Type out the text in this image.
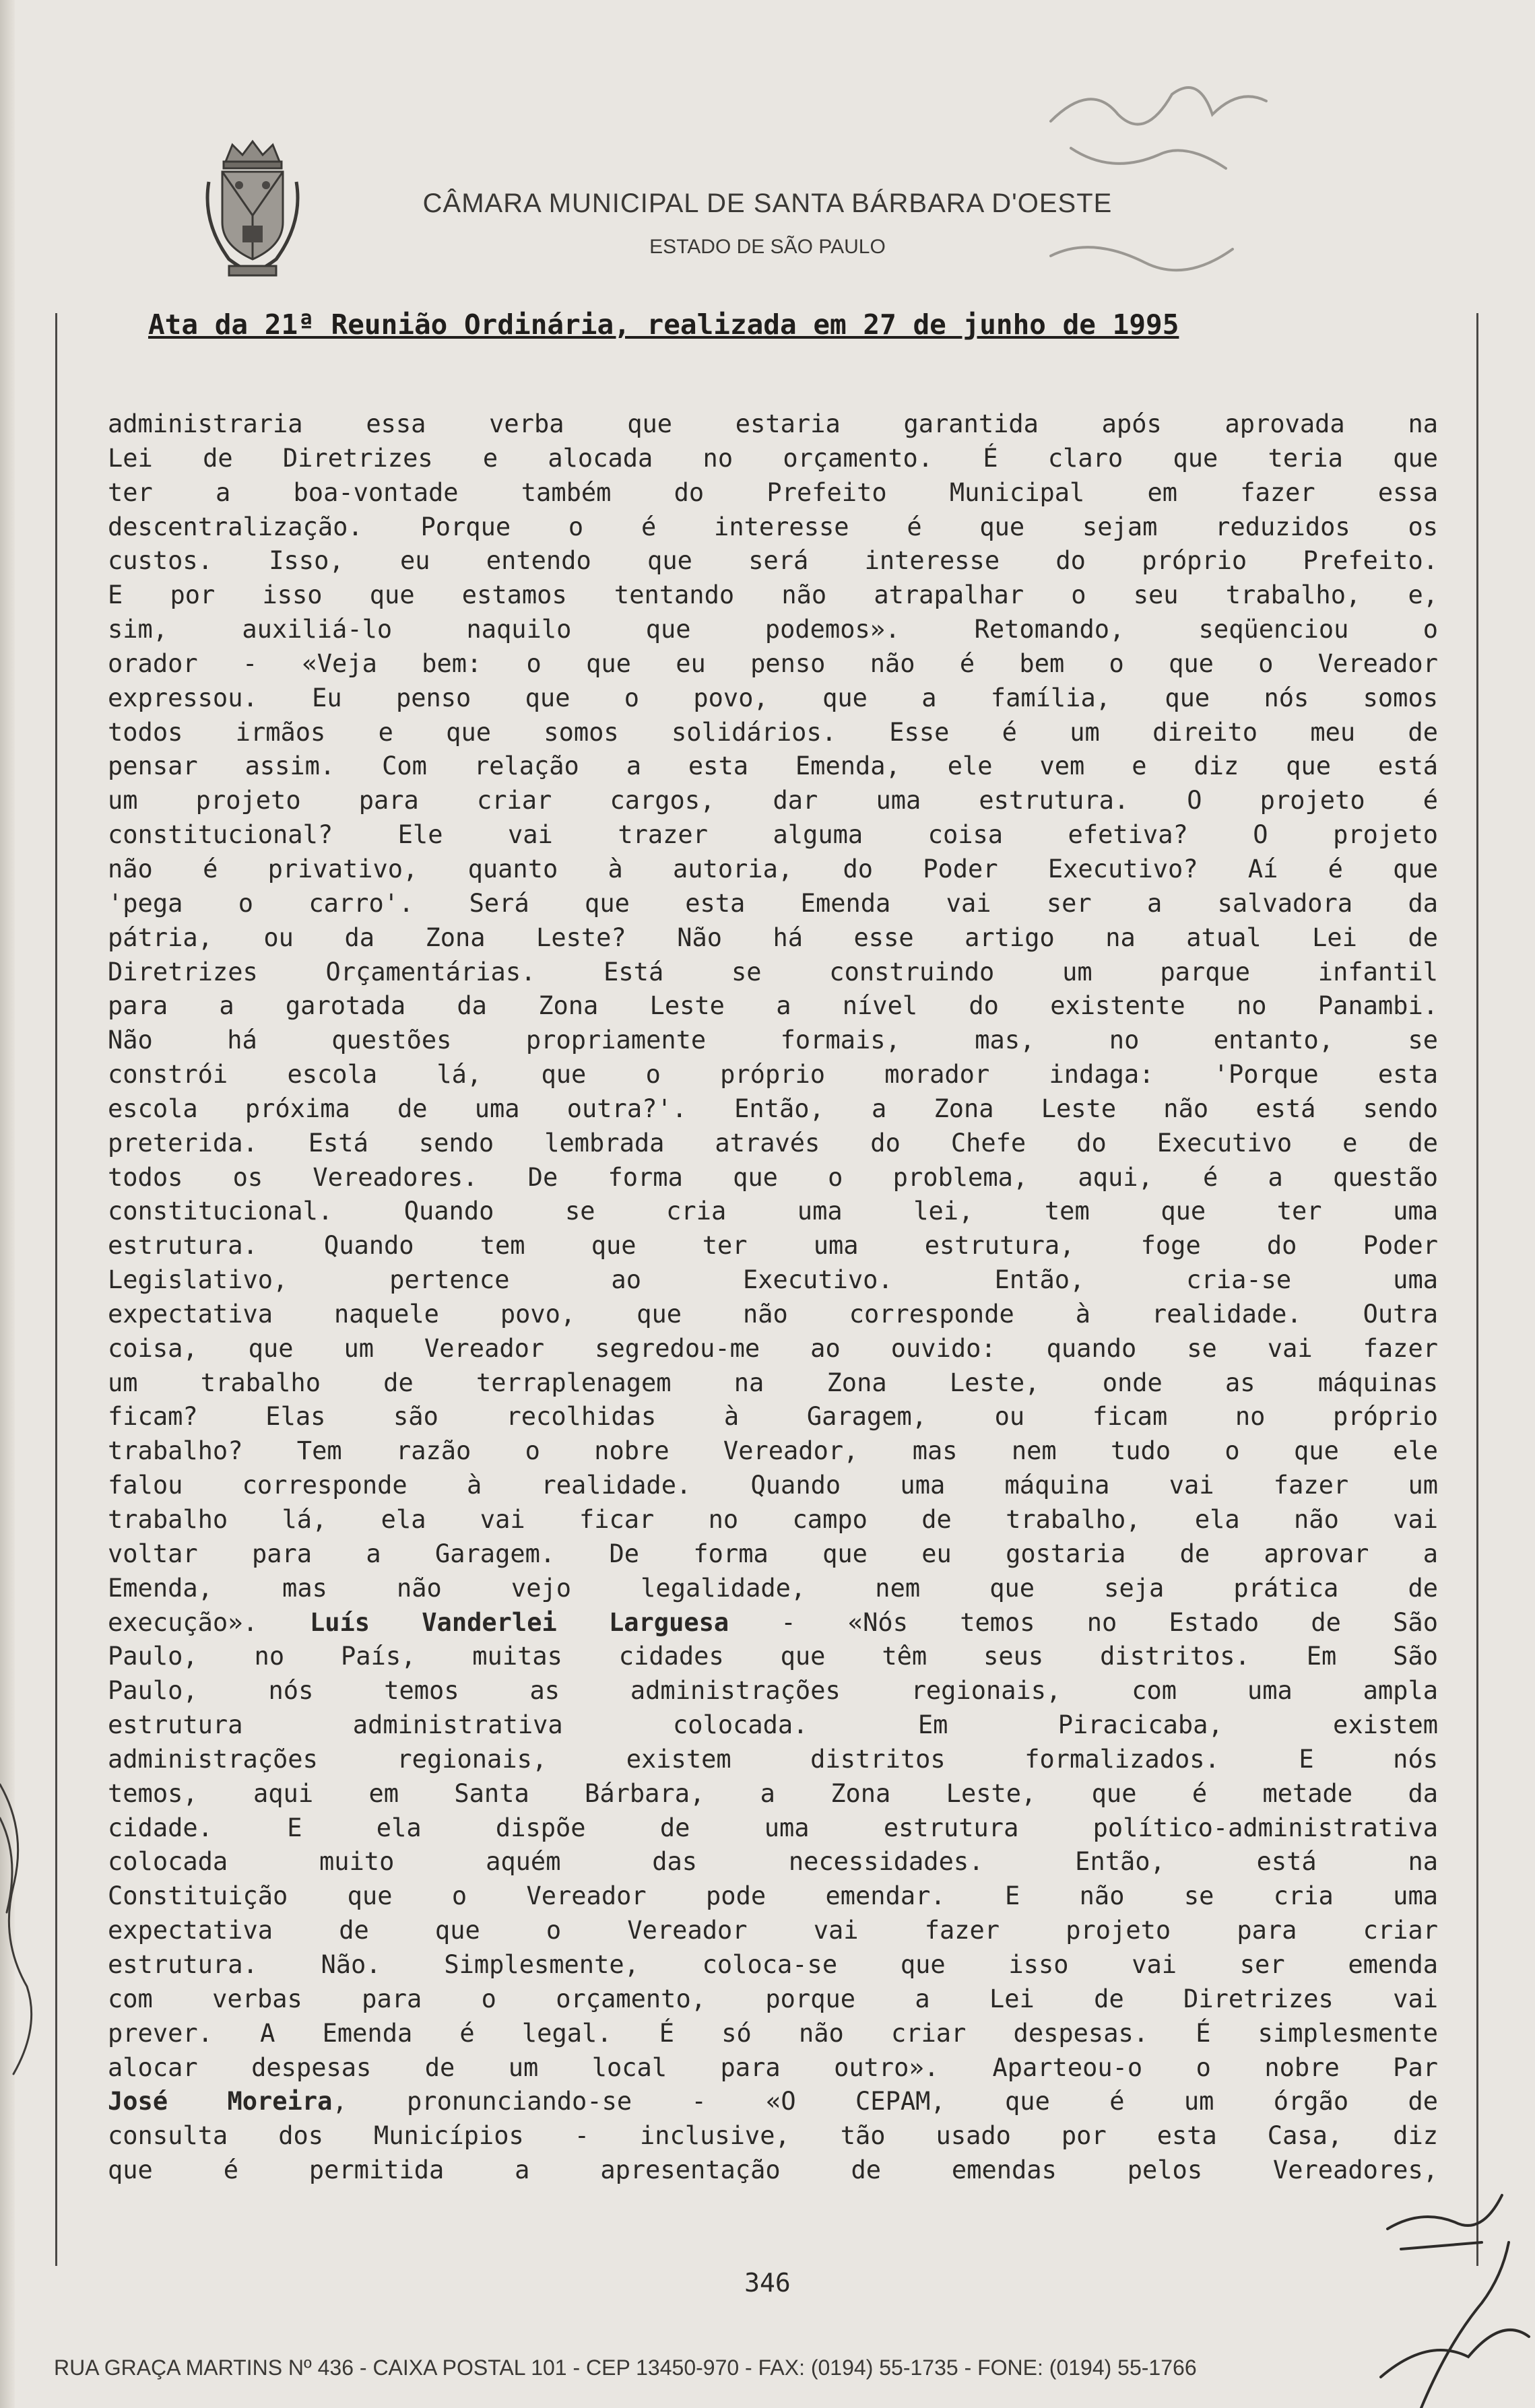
CÂMARA MUNICIPAL DE SANTA BÁRBARA D'OESTE
ESTADO DE SÃO PAULO
Ata da 21ª Reunião Ordinária, realizada em 27 de junho de 1995
administraria essa verba que estaria garantida após aprovada na
Lei de Diretrizes e alocada no orçamento. É claro que teria que
ter a boa-vontade também do Prefeito Municipal em fazer essa
descentralização. Porque o é interesse é que sejam reduzidos os
custos. Isso, eu entendo que será interesse do próprio Prefeito.
E por isso que estamos tentando não atrapalhar o seu trabalho, e,
sim, auxiliá-lo naquilo que podemos». Retomando, seqüenciou o
orador - «Veja bem: o que eu penso não é bem o que o Vereador
expressou. Eu penso que o povo, que a família, que nós somos
todos irmãos e que somos solidários. Esse é um direito meu de
pensar assim. Com relação a esta Emenda, ele vem e diz que está
um projeto para criar cargos, dar uma estrutura. O projeto é
constitucional? Ele vai trazer alguma coisa efetiva? O projeto
não é privativo, quanto à autoria, do Poder Executivo? Aí é que
'pega o carro'. Será que esta Emenda vai ser a salvadora da
pátria, ou da Zona Leste? Não há esse artigo na atual Lei de
Diretrizes Orçamentárias. Está se construindo um parque infantil
para a garotada da Zona Leste a nível do existente no Panambi.
Não há questões propriamente formais, mas, no entanto, se
constrói escola lá, que o próprio morador indaga: 'Porque esta
escola próxima de uma outra?'. Então, a Zona Leste não está sendo
preterida. Está sendo lembrada através do Chefe do Executivo e de
todos os Vereadores. De forma que o problema, aqui, é a questão
constitucional. Quando se cria uma lei, tem que ter uma
estrutura. Quando tem que ter uma estrutura, foge do Poder
Legislativo, pertence ao Executivo. Então, cria-se uma
expectativa naquele povo, que não corresponde à realidade. Outra
coisa, que um Vereador segredou-me ao ouvido: quando se vai fazer
um trabalho de terraplenagem na Zona Leste, onde as máquinas
ficam? Elas são recolhidas à Garagem, ou ficam no próprio
trabalho? Tem razão o nobre Vereador, mas nem tudo o que ele
falou corresponde à realidade. Quando uma máquina vai fazer um
trabalho lá, ela vai ficar no campo de trabalho, ela não vai
voltar para a Garagem. De forma que eu gostaria de aprovar a
Emenda, mas não vejo legalidade, nem que seja prática de
execução». Luís Vanderlei Larguesa - «Nós temos no Estado de São
Paulo, no País, muitas cidades que têm seus distritos. Em São
Paulo, nós temos as administrações regionais, com uma ampla
estrutura administrativa colocada. Em Piracicaba, existem
administrações regionais, existem distritos formalizados. E nós
temos, aqui em Santa Bárbara, a Zona Leste, que é metade da
cidade. E ela dispõe de uma estrutura político-administrativa
colocada muito aquém das necessidades. Então, está na
Constituição que o Vereador pode emendar. E não se cria uma
expectativa de que o Vereador vai fazer projeto para criar
estrutura. Não. Simplesmente, coloca-se que isso vai ser emenda
com verbas para o orçamento, porque a Lei de Diretrizes vai
prever. A Emenda é legal. É só não criar despesas. É simplesmente
alocar despesas de um local para outro». Aparteou-o o nobre Par
José Moreira, pronunciando-se - «O CEPAM, que é um órgão de
consulta dos Municípios - inclusive, tão usado por esta Casa, diz
que é permitida a apresentação de emendas pelos Vereadores,
346
RUA GRAÇA MARTINS Nº 436 - CAIXA POSTAL 101 - CEP 13450-970 - FAX: (0194) 55-1735 - FONE: (0194) 55-1766
